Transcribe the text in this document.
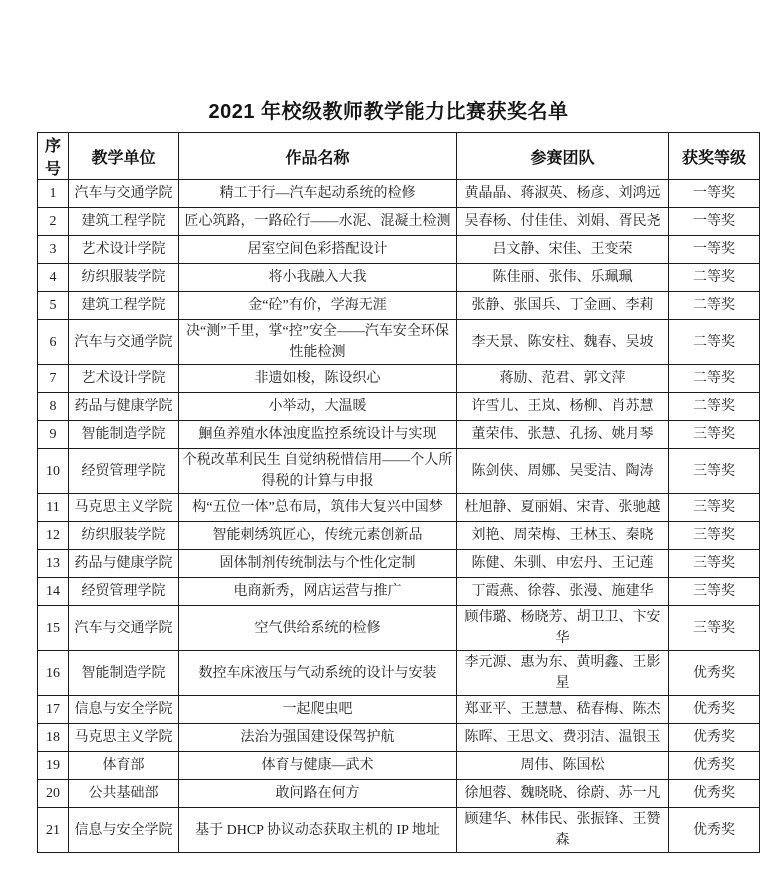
2021 年校级教师教学能力比赛获奖名单
序号	教学单位	作品名称	参赛团队	获奖等级
1	汽车与交通学院	精工于行—汽车起动系统的检修	黄晶晶、蒋淑英、杨彦、刘鸿远	一等奖
2	建筑工程学院	匠心筑路，一路砼行——水泥、混凝土检测	吴春杨、付佳佳、刘娟、胥民尧	一等奖
3	艺术设计学院	居室空间色彩搭配设计	吕文静、宋佳、王变荣	一等奖
4	纺织服装学院	将小我融入大我	陈佳丽、张伟、乐珮珮	二等奖
5	建筑工程学院	金“砼”有价，学海无涯	张静、张国兵、丁金画、李莉	二等奖
6	汽车与交通学院	决“测”千里，掌“控”安全——汽车安全环保性能检测	李天景、陈安柱、魏春、吴坡	二等奖
7	艺术设计学院	非遗如梭，陈设织心	蒋励、范君、郭文萍	二等奖
8	药品与健康学院	小举动，大温暖	许雪儿、王岚、杨柳、肖苏慧	二等奖
9	智能制造学院	鮰鱼养殖水体浊度监控系统设计与实现	董荣伟、张慧、孔扬、姚月琴	三等奖
10	经贸管理学院	个税改革利民生 自觉纳税惜信用——个人所得税的计算与申报	陈剑侠、周娜、吴雯洁、陶涛	三等奖
11	马克思主义学院	构“五位一体”总布局，筑伟大复兴中国梦	杜旭静、夏丽娟、宋青、张驰越	三等奖
12	纺织服装学院	智能刺绣筑匠心，传统元素创新品	刘艳、周荣梅、王林玉、秦晓	三等奖
13	药品与健康学院	固体制剂传统制法与个性化定制	陈健、朱驯、申宏丹、王记莲	三等奖
14	经贸管理学院	电商新秀，网店运营与推广	丁霞燕、徐蓉、张漫、施建华	三等奖
15	汽车与交通学院	空气供给系统的检修	顾伟璐、杨晓芳、胡卫卫、卞安华	三等奖
16	智能制造学院	数控车床液压与气动系统的设计与安装	李元源、惠为东、黄明鑫、王影星	优秀奖
17	信息与安全学院	一起爬虫吧	郑亚平、王慧慧、嵇春梅、陈杰	优秀奖
18	马克思主义学院	法治为强国建设保驾护航	陈晖、王思文、费羽洁、温银玉	优秀奖
19	体育部	体育与健康—武术	周伟、陈国松	优秀奖
20	公共基础部	敢问路在何方	徐旭蓉、魏晓晓、徐蔚、苏一凡	优秀奖
21	信息与安全学院	基于 DHCP 协议动态获取主机的 IP 地址	顾建华、林伟民、张振锋、王赞森	优秀奖
